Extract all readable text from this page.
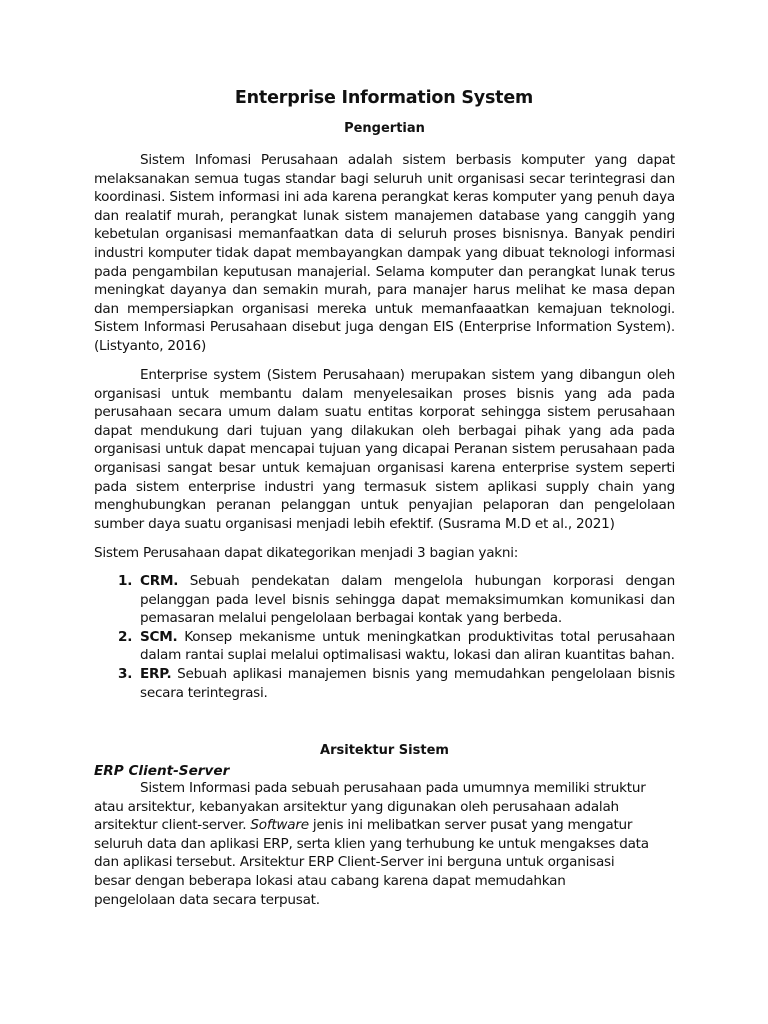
Enterprise Information System
Pengertian

Sistem Infomasi Perusahaan adalah sistem berbasis komputer yang dapat melaksanakan semua tugas standar bagi seluruh unit organisasi secar terintegrasi dan koordinasi. Sistem informasi ini ada karena perangkat keras komputer yang penuh daya dan realatif murah, perangkat lunak sistem manajemen database yang canggih yang kebetulan organisasi memanfaatkan data di seluruh proses bisnisnya. Banyak pendiri industri komputer tidak dapat membayangkan dampak yang dibuat teknologi informasi pada pengambilan keputusan manajerial. Selama komputer dan perangkat lunak terus meningkat dayanya dan semakin murah, para manajer harus melihat ke masa depan dan mempersiapkan organisasi mereka untuk memanfaaatkan kemajuan teknologi. Sistem Informasi Perusahaan disebut juga dengan EIS (Enterprise Information System). (Listyanto, 2016)

Enterprise system (Sistem Perusahaan) merupakan sistem yang dibangun oleh organisasi untuk membantu dalam menyelesaikan proses bisnis yang ada pada perusahaan secara umum dalam suatu entitas korporat sehingga sistem perusahaan dapat mendukung dari tujuan yang dilakukan oleh berbagai pihak yang ada pada organisasi untuk dapat mencapai tujuan yang dicapai Peranan sistem perusahaan pada organisasi sangat besar untuk kemajuan organisasi karena enterprise system seperti pada sistem enterprise industri yang termasuk sistem aplikasi supply chain yang menghubungkan peranan pelanggan untuk penyajian pelaporan dan pengelolaan sumber daya suatu organisasi menjadi lebih efektif. (Susrama M.D et al., 2021)

Sistem Perusahaan dapat dikategorikan menjadi 3 bagian yakni:

1. CRM. Sebuah pendekatan dalam mengelola hubungan korporasi dengan pelanggan pada level bisnis sehingga dapat memaksimumkan komunikasi dan pemasaran melalui pengelolaan berbagai kontak yang berbeda.
2. SCM. Konsep mekanisme untuk meningkatkan produktivitas total perusahaan dalam rantai suplai melalui optimalisasi waktu, lokasi dan aliran kuantitas bahan.
3. ERP. Sebuah aplikasi manajemen bisnis yang memudahkan pengelolaan bisnis secara terintegrasi.
Arsitektur Sistem

ERP Client-Server

Sistem Informasi pada sebuah perusahaan pada umumnya memiliki struktur atau arsitektur, kebanyakan arsitektur yang digunakan oleh perusahaan adalah arsitektur client-server. Software jenis ini melibatkan server pusat yang mengatur seluruh data dan aplikasi ERP, serta klien yang terhubung ke untuk mengakses data dan aplikasi tersebut. Arsitektur ERP Client-Server ini berguna untuk organisasi besar dengan beberapa lokasi atau cabang karena dapat memudahkan pengelolaan data secara terpusat.
